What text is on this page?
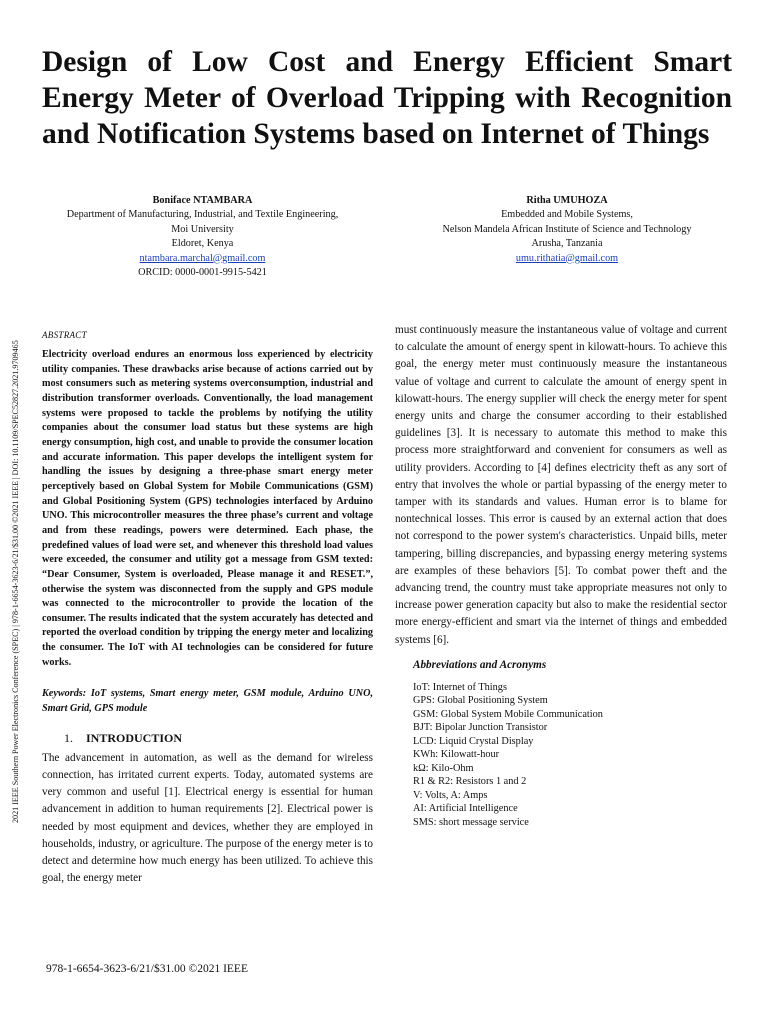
Design of Low Cost and Energy Efficient Smart Energy Meter of Overload Tripping with Recognition and Notification Systems based on Internet of Things
Boniface NTAMBARA
Department of Manufacturing, Industrial, and Textile Engineering,
Moi University
Eldoret, Kenya
ntambara.marchal@gmail.com
ORCID: 0000-0001-9915-5421
Ritha UMUHOZA
Embedded and Mobile Systems,
Nelson Mandela African Institute of Science and Technology
Arusha, Tanzania
umu.rithatia@gmail.com
2021 IEEE Southern Power Electronics Conference (SPEC) | 978-1-6654-3623-6/21/$31.00 ©2021 IEEE | DOI: 10.1109/SPEC52827.2021.9709465
ABSTRACT

Electricity overload endures an enormous loss experienced by electricity utility companies. These drawbacks arise because of actions carried out by most consumers such as metering systems overconsumption, industrial and distribution transformer overloads. Conventionally, the load management systems were proposed to tackle the problems by notifying the utility companies about the consumer load status but these systems are high energy consumption, high cost, and unable to provide the consumer location and accurate information. This paper develops the intelligent system for handling the issues by designing a three-phase smart energy meter perceptively based on Global System for Mobile Communications (GSM) and Global Positioning System (GPS) technologies interfaced by Arduino UNO. This microcontroller measures the three phase’s current and voltage and from these readings, powers were determined. Each phase, the predefined values of load were set, and whenever this threshold load values were exceeded, the consumer and utility got a message from GSM texted: “Dear Consumer, System is overloaded, Please manage it and RESET.”, otherwise the system was disconnected from the supply and GPS module was connected to the microcontroller to provide the location of the consumer. The results indicated that the system accurately has detected and reported the overload condition by tripping the energy meter and localizing the consumer. The IoT with AI technologies can be considered for future works.

Keywords: IoT systems, Smart energy meter, GSM module, Arduino UNO, Smart Grid, GPS module

1. INTRODUCTION

The advancement in automation, as well as the demand for wireless connection, has irritated current experts. Today, automated systems are very common and useful [1]. Electrical energy is essential for human advancement in addition to human requirements [2]. Electrical power is needed by most equipment and devices, whether they are employed in households, industry, or agriculture. The purpose of the energy meter is to detect and determine how much energy has been utilized. To achieve this goal, the energy meter

must continuously measure the instantaneous value of voltage and current to calculate the amount of energy spent in kilowatt-hours. To achieve this goal, the energy meter must continuously measure the instantaneous value of voltage and current to calculate the amount of energy spent in kilowatt-hours. The energy supplier will check the energy meter for spent energy units and charge the consumer according to their established guidelines [3]. It is necessary to automate this method to make this process more straightforward and convenient for consumers as well as utility providers. According to [4] defines electricity theft as any sort of entry that involves the whole or partial bypassing of the energy meter to tamper with its standards and values. Human error is to blame for nontechnical losses. This error is caused by an external action that does not correspond to the power system's characteristics. Unpaid bills, meter tampering, billing discrepancies, and bypassing energy metering systems are examples of these behaviors [5]. To combat power theft and the advancing trend, the country must take appropriate measures not only to increase power generation capacity but also to make the residential sector more energy-efficient and smart via the internet of things and embedded systems [6].

Abbreviations and Acronyms
IoT: Internet of Things
GPS: Global Positioning System
GSM: Global System Mobile Communication
BJT: Bipolar Junction Transistor
LCD: Liquid Crystal Display
KWh: Kilowatt-hour
kΩ: Kilo-Ohm
R1 & R2: Resistors 1 and 2
V: Volts, A: Amps
AI: Artificial Intelligence
SMS: short message service
978-1-6654-3623-6/21/$31.00 ©2021 IEEE
